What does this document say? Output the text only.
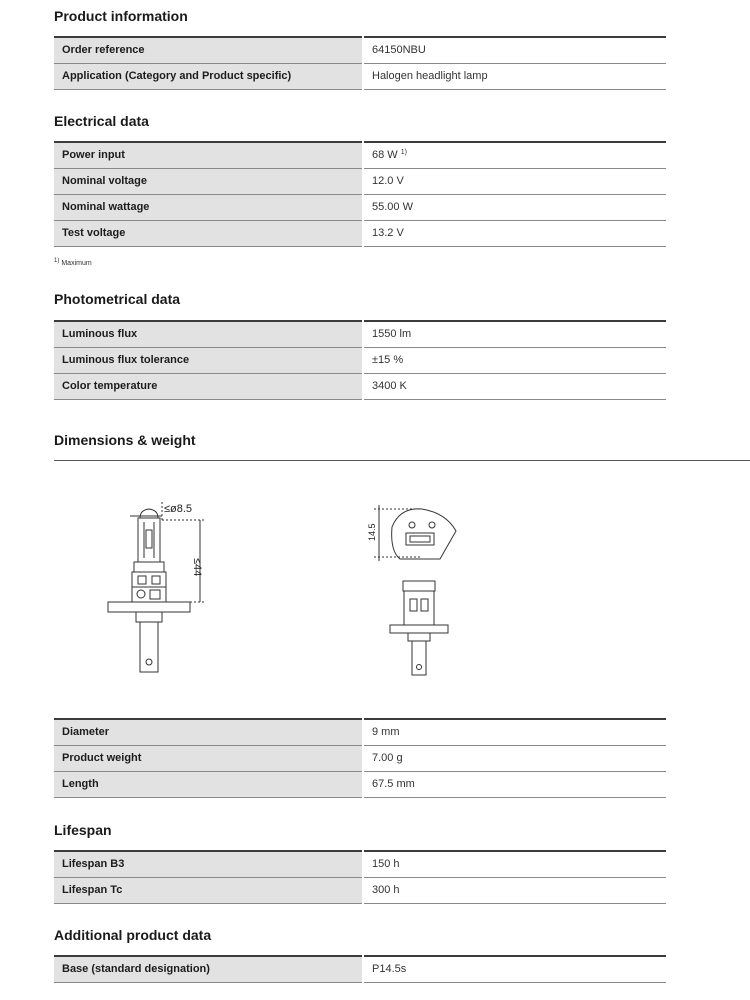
Product information
Order reference	64150NBU
Application (Category and Product specific)	Halogen headlight lamp
Electrical data
Power input	68 W $^{1)}$
Nominal voltage	12.0 V
Nominal wattage	55.00 W
Test voltage	13.2 V
1) Maximum
Photometrical data
Luminous flux	1550 lm
Luminous flux tolerance	±15 %
Color temperature	3400 K
Dimensions & weight
≤ø8.5
≤44
14.5
Diameter	9 mm
Product weight	7.00 g
Length	67.5 mm
Lifespan
Lifespan B3	150 h
Lifespan Tc	300 h
Additional product data
Base (standard designation)	P14.5s
